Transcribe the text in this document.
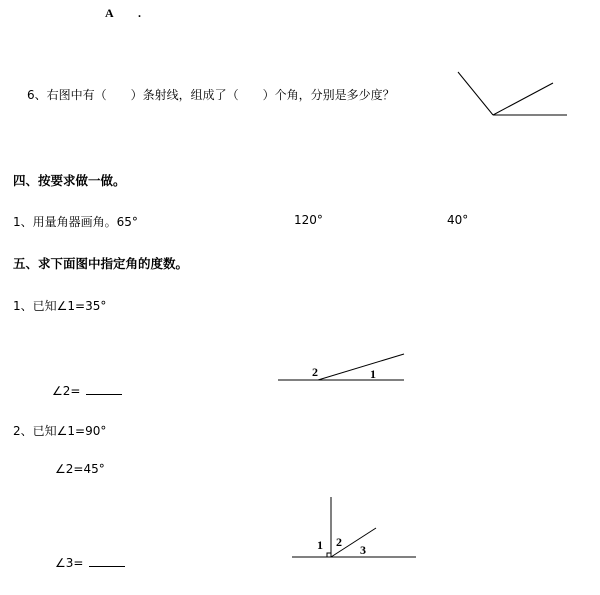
A .
6、右图中有（　　）条射线，组成了（　　）个角，分别是多少度？
四、按要求做一做。
1、用量角器画角。65°	120°	40°
五、求下面图中指定角的度数。
1、已知∠1=35°
∠2=
2	1
2、已知∠1=90°
∠2=45°
∠3=
1 2
3
